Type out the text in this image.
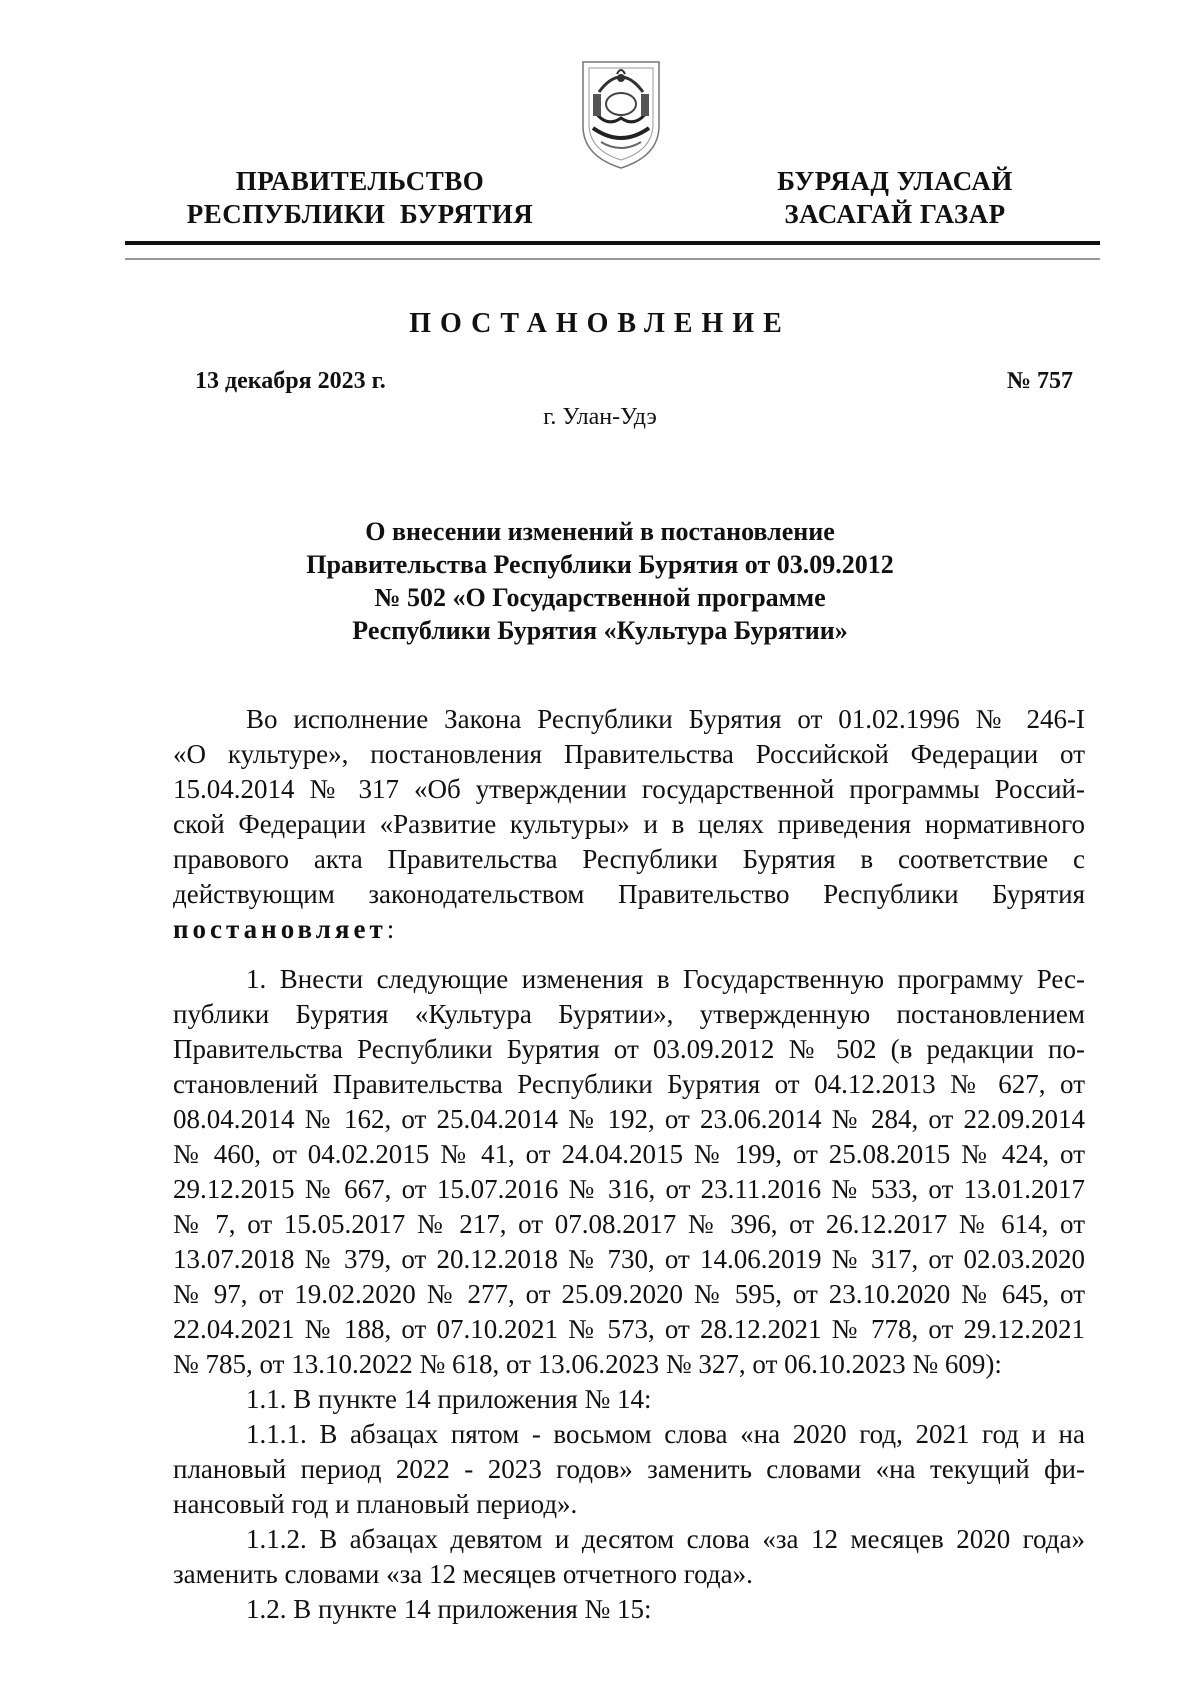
ПРАВИТЕЛЬСТВО
РЕСПУБЛИКИ  БУРЯТИЯ
БУРЯАД УЛАСАЙ
ЗАСАГАЙ ГАЗАР
ПОСТАНОВЛЕНИЕ
13 декабря 2023 г.	№ 757
г. Улан-Удэ
О внесении изменений в постановление
Правительства Республики Бурятия от 03.09.2012
№ 502 «О Государственной программе
Республики Бурятия «Культура Бурятии»
Во исполнение Закона Республики Бурятия от 01.02.1996 № 246-I
«О культуре», постановления Правительства Российской Федерации от
15.04.2014 № 317 «Об утверждении государственной программы Россий-
ской Федерации «Развитие культуры» и в целях приведения нормативного
правового акта Правительства Республики Бурятия в соответствие с
действующим законодательством Правительство Республики Бурятия
постановляет:
1. Внести следующие изменения в Государственную программу Рес-
публики Бурятия «Культура Бурятии», утвержденную постановлением
Правительства Республики Бурятия от 03.09.2012 № 502 (в редакции по-
становлений Правительства Республики Бурятия от 04.12.2013 № 627, от
08.04.2014 № 162, от 25.04.2014 № 192, от 23.06.2014 № 284, от 22.09.2014
№ 460, от 04.02.2015 № 41, от 24.04.2015 № 199, от 25.08.2015 № 424, от
29.12.2015 № 667, от 15.07.2016 № 316, от 23.11.2016 № 533, от 13.01.2017
№ 7, от 15.05.2017 № 217, от 07.08.2017 № 396, от 26.12.2017 № 614, от
13.07.2018 № 379, от 20.12.2018 № 730, от 14.06.2019 № 317, от 02.03.2020
№ 97, от 19.02.2020 № 277, от 25.09.2020 № 595, от 23.10.2020 № 645, от
22.04.2021 № 188, от 07.10.2021 № 573, от 28.12.2021 № 778, от 29.12.2021
№ 785, от 13.10.2022 № 618, от 13.06.2023 № 327, от 06.10.2023 № 609):
1.1. В пункте 14 приложения № 14:
1.1.1. В абзацах пятом - восьмом слова «на 2020 год, 2021 год и на
плановый период 2022 - 2023 годов» заменить словами «на текущий фи-
нансовый год и плановый период».
1.1.2. В абзацах девятом и десятом слова «за 12 месяцев 2020 года»
заменить словами «за 12 месяцев отчетного года».
1.2. В пункте 14 приложения № 15:
